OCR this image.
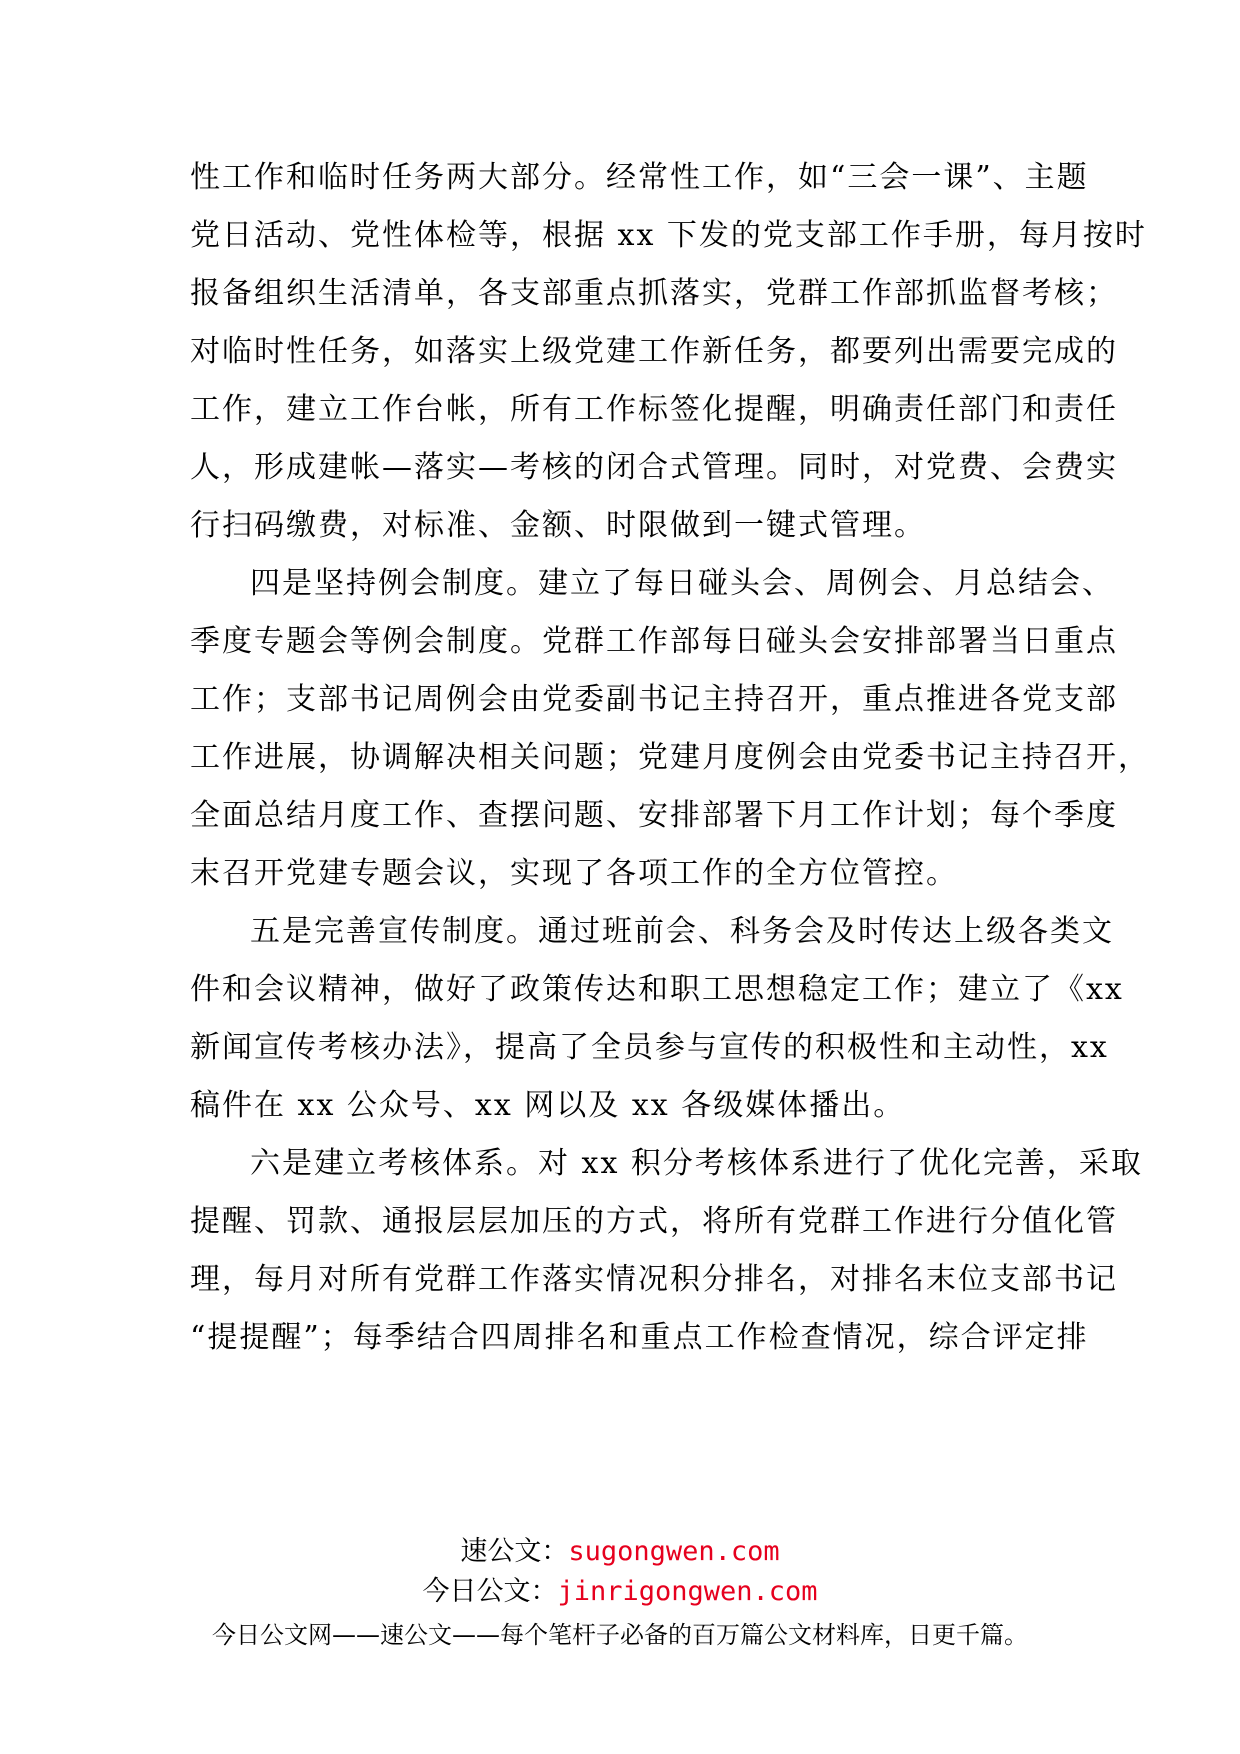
性工作和临时任务两大部分。经常性工作，如“三会一课”、主题
党日活动、党性体检等，根据 xx 下发的党支部工作手册，每月按时
报备组织生活清单，各支部重点抓落实，党群工作部抓监督考核；
对临时性任务，如落实上级党建工作新任务，都要列出需要完成的
工作，建立工作台帐，所有工作标签化提醒，明确责任部门和责任
人，形成建帐—落实—考核的闭合式管理。同时，对党费、会费实
行扫码缴费，对标准、金额、时限做到一键式管理。
四是坚持例会制度。建立了每日碰头会、周例会、月总结会、
季度专题会等例会制度。党群工作部每日碰头会安排部署当日重点
工作；支部书记周例会由党委副书记主持召开，重点推进各党支部
工作进展，协调解决相关问题；党建月度例会由党委书记主持召开，
全面总结月度工作、查摆问题、安排部署下月工作计划；每个季度
末召开党建专题会议，实现了各项工作的全方位管控。
五是完善宣传制度。通过班前会、科务会及时传达上级各类文
件和会议精神，做好了政策传达和职工思想稳定工作；建立了《xx
新闻宣传考核办法》，提高了全员参与宣传的积极性和主动性，xx
稿件在 xx 公众号、xx 网以及 xx 各级媒体播出。
六是建立考核体系。对 xx 积分考核体系进行了优化完善，采取
提醒、罚款、通报层层加压的方式，将所有党群工作进行分值化管
理，每月对所有党群工作落实情况积分排名，对排名末位支部书记
“提提醒”；每季结合四周排名和重点工作检查情况，综合评定排
速公文：sugongwen.com
今日公文：jinrigongwen.com
今日公文网——速公文——每个笔杆子必备的百万篇公文材料库，日更千篇。
